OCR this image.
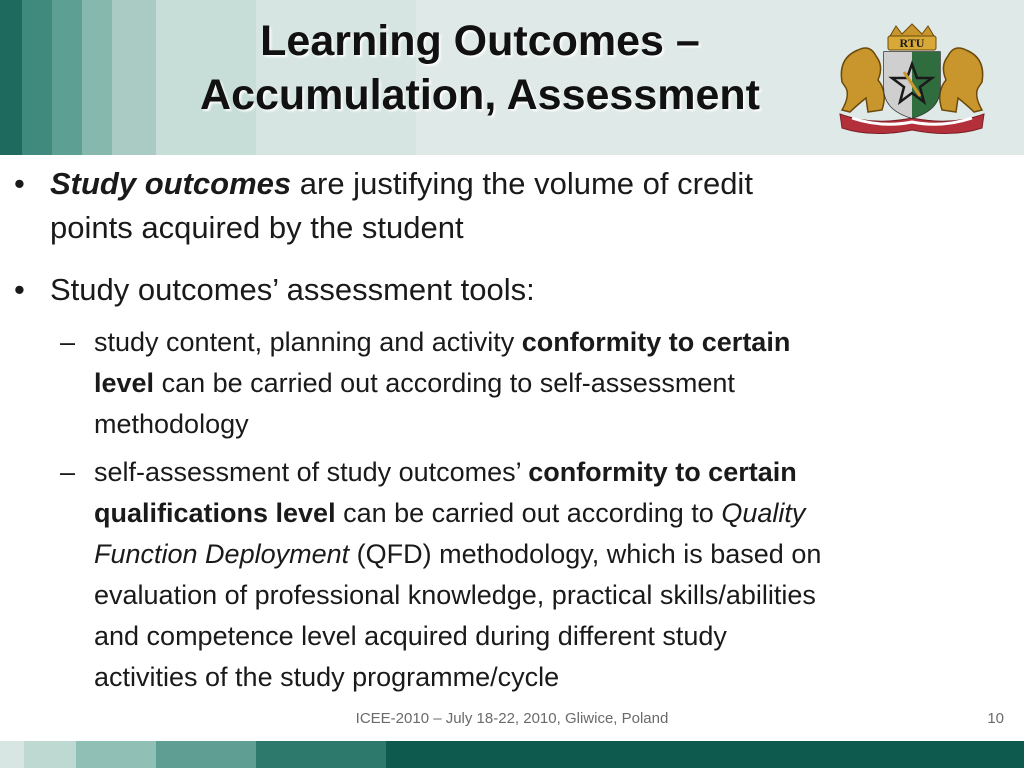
Learning Outcomes –
Accumulation, Assessment
RTU
• Study outcomes are justifying the volume of credit
points acquired by the student
• Study outcomes’ assessment tools:
– study content, planning and activity conformity to certain
level can be carried out according to self-assessment
methodology
– self-assessment of study outcomes’ conformity to certain
qualifications level can be carried out according to Quality
Function Deployment (QFD) methodology, which is based on
evaluation of professional knowledge, practical skills/abilities
and competence level acquired during different study
activities of the study programme/cycle
ICEE-2010 – July 18-22, 2010, Gliwice, Poland	10
